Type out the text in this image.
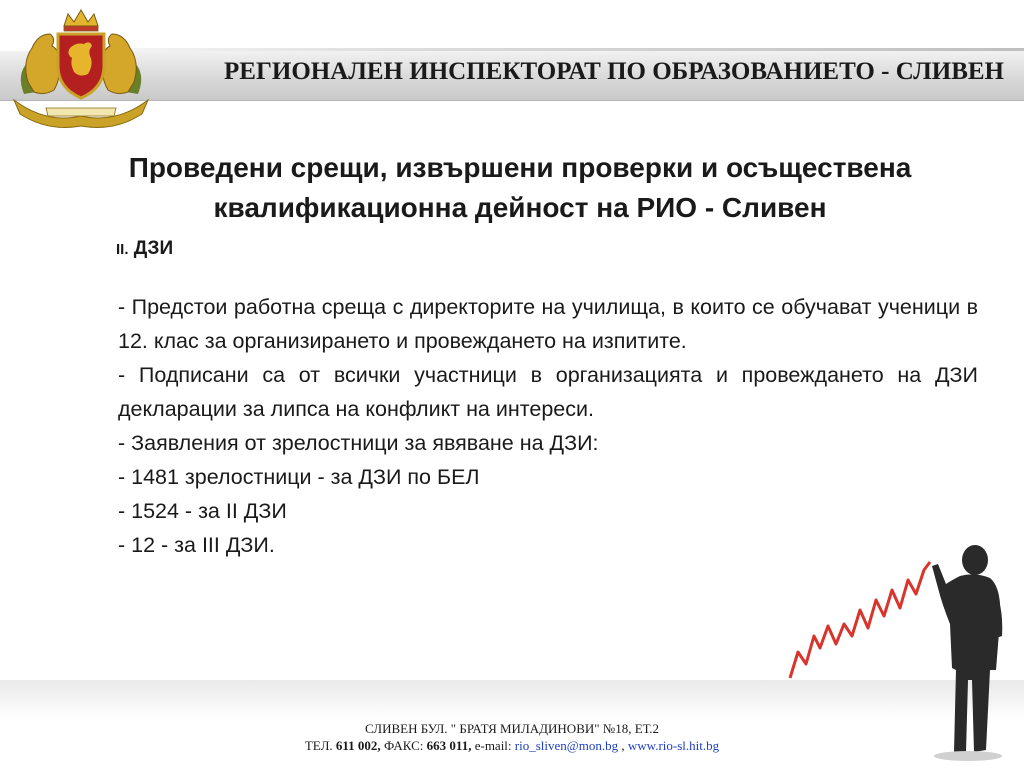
РЕГИОНАЛЕН ИНСПЕКТОРАТ ПО ОБРАЗОВАНИЕТО - СЛИВЕН
Проведени срещи, извършени проверки и осъществена
квалификационна дейност на РИО - Сливен
II. ДЗИ

- Предстои работна среща с директорите на училища, в които се обучават ученици в 12. клас за организирането и провеждането на изпитите.

- Подписани са от всички участници в организацията и провеждането на ДЗИ декларации за липса на конфликт на интереси.

- Заявления от зрелостници за явяване на ДЗИ:

- 1481 зрелостници - за ДЗИ по БЕЛ

- 1524 - за II ДЗИ

- 12 - за III ДЗИ.

СЛИВЕН БУЛ. " БРАТЯ МИЛАДИНОВИ" №18, ЕТ.2
ТЕЛ. 611 002, ФАКС: 663 011, e-mail: rio_sliven@mon.bg , www.rio-sl.hit.bg
